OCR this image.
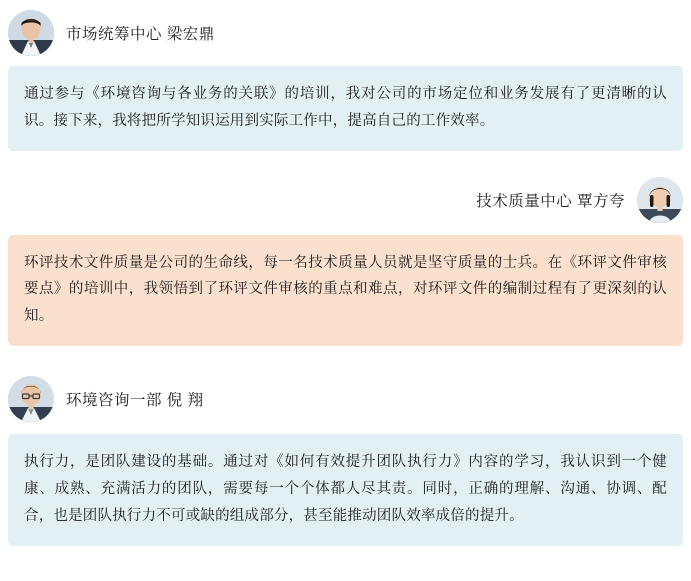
市场统筹中心 梁宏鼎
通过参与《环境咨询与各业务的关联》的培训，我对公司的市场定位和业务发展有了更清晰的认识。接下来，我将把所学知识运用到实际工作中，提高自己的工作效率。
技术质量中心 覃方夸
环评技术文件质量是公司的生命线，每一名技术质量人员就是坚守质量的士兵。在《环评文件审核要点》的培训中，我领悟到了环评文件审核的重点和难点，对环评文件的编制过程有了更深刻的认知。
环境咨询一部 倪 翔
执行力，是团队建设的基础。通过对《如何有效提升团队执行力》内容的学习，我认识到一个健康、成熟、充满活力的团队，需要每一个个体都人尽其责。同时，正确的理解、沟通、协调、配合，也是团队执行力不可或缺的组成部分，甚至能推动团队效率成倍的提升。
